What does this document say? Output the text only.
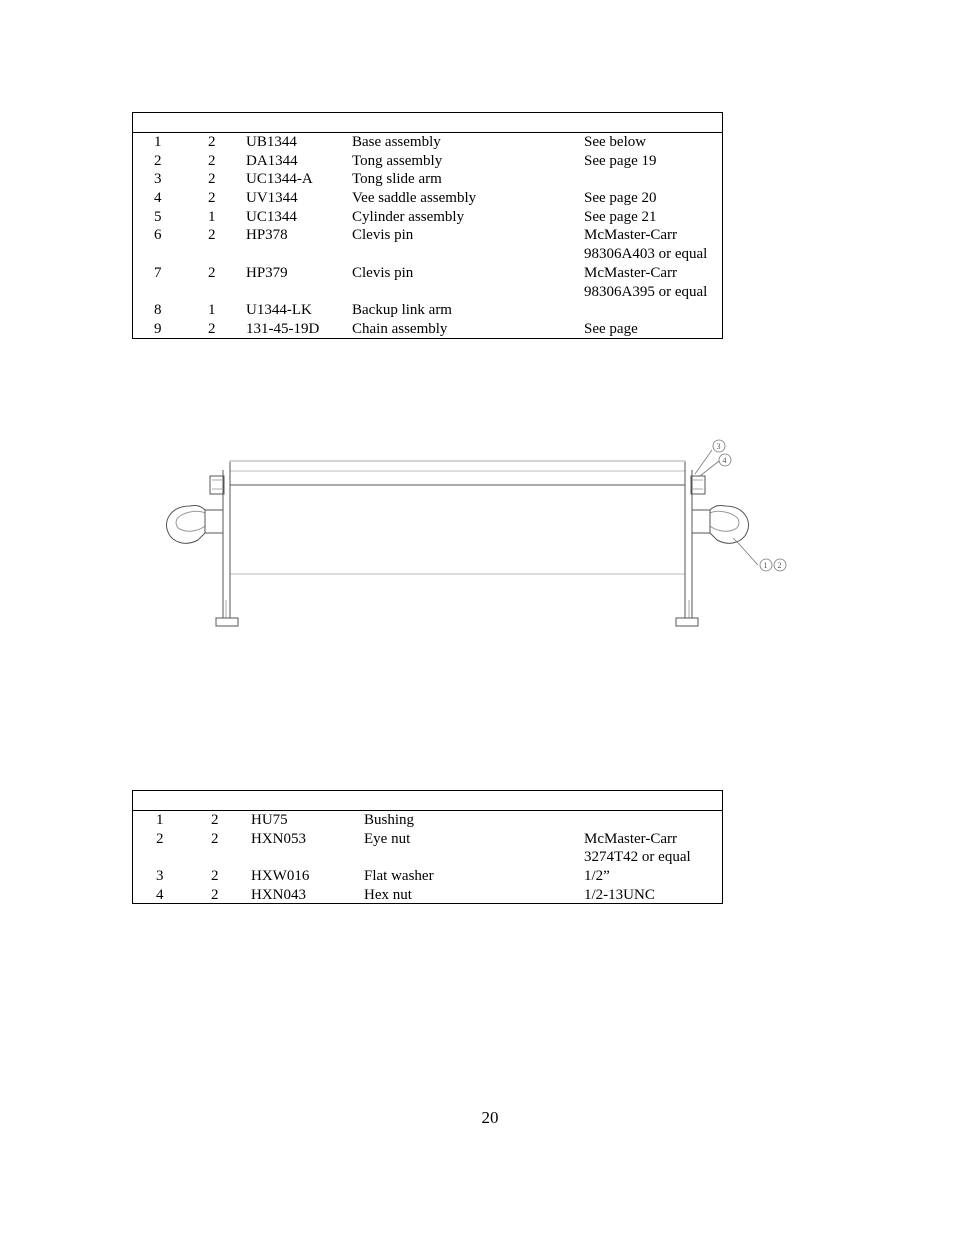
1	2 UB1344	Base assembly	See below
2	2 DA1344	Tong assembly	See page 19
3	2 UC1344-A	Tong slide arm
4	2 UV1344	Vee saddle assembly	See page 20
5	1 UC1344	Cylinder assembly	See page 21
6	2 HP378	Clevis pin	McMaster-Carr
98306A403 or equal
7	2 HP379	Clevis pin	McMaster-Carr
98306A395 or equal
8	1 U1344-LK	Backup link arm
9	2 131-45-19D Chain assembly	See page
3
4
1 2
1	2 HU75	Bushing
2	2 HXN053	Eye nut	McMaster-Carr
3274T42 or equal
3	2 HXW016	Flat washer	1/2”
4	2 HXN043	Hex nut	1/2-13UNC
20
